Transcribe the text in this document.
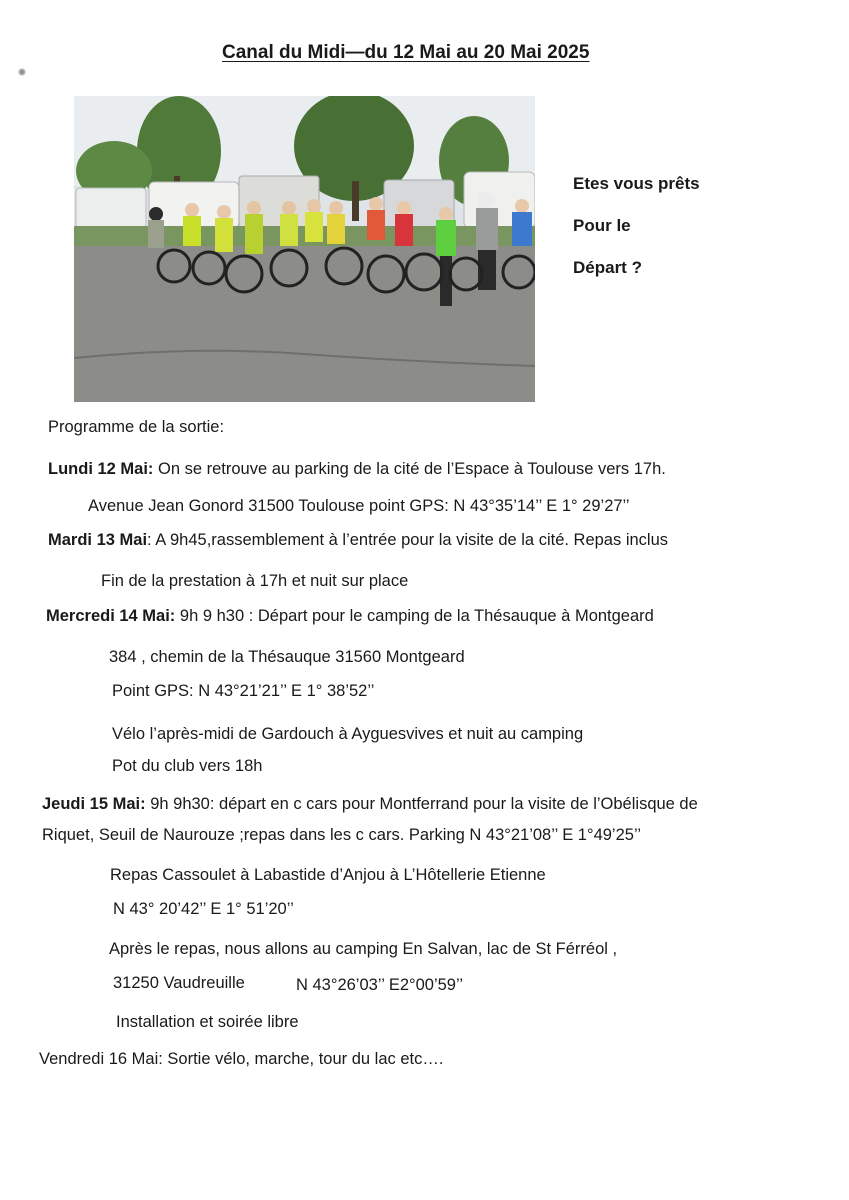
Canal du Midi—du 12 Mai au 20 Mai 2025
Etes vous prêts
Pour le
Départ ?
Programme de la sortie:
Lundi 12 Mai: On se retrouve au parking de la cité de l’Espace à Toulouse vers 17h.
Avenue Jean Gonord 31500 Toulouse point GPS: N 43°35’14’’ E 1° 29’27’’
Mardi 13 Mai: A 9h45,rassemblement à l’entrée pour la visite de la cité. Repas inclus
Fin de la prestation à 17h et nuit sur place
Mercredi 14 Mai: 9h 9 h30 : Départ pour le camping de la Thésauque à Montgeard
384 , chemin de la Thésauque 31560 Montgeard
Point GPS: N 43°21’21’’ E 1° 38’52’’
Vélo l’après-midi de Gardouch à Ayguesvives et nuit au camping
Pot du club vers 18h
Jeudi 15 Mai: 9h 9h30: départ en c cars pour Montferrand pour la visite de l’Obélisque de
Riquet, Seuil de Naurouze ;repas dans les c cars. Parking N 43°21’08’’ E 1°49’25’’
Repas Cassoulet à Labastide d’Anjou à L’Hôtellerie Etienne
N 43° 20’42’’ E 1° 51’20’’
Après le repas, nous allons au camping En Salvan, lac de St Férréol ,
31250 Vaudreuille	N 43°26’03’’ E2°00’59’’
Installation et soirée libre
Vendredi 16 Mai: Sortie vélo, marche, tour du lac etc….
